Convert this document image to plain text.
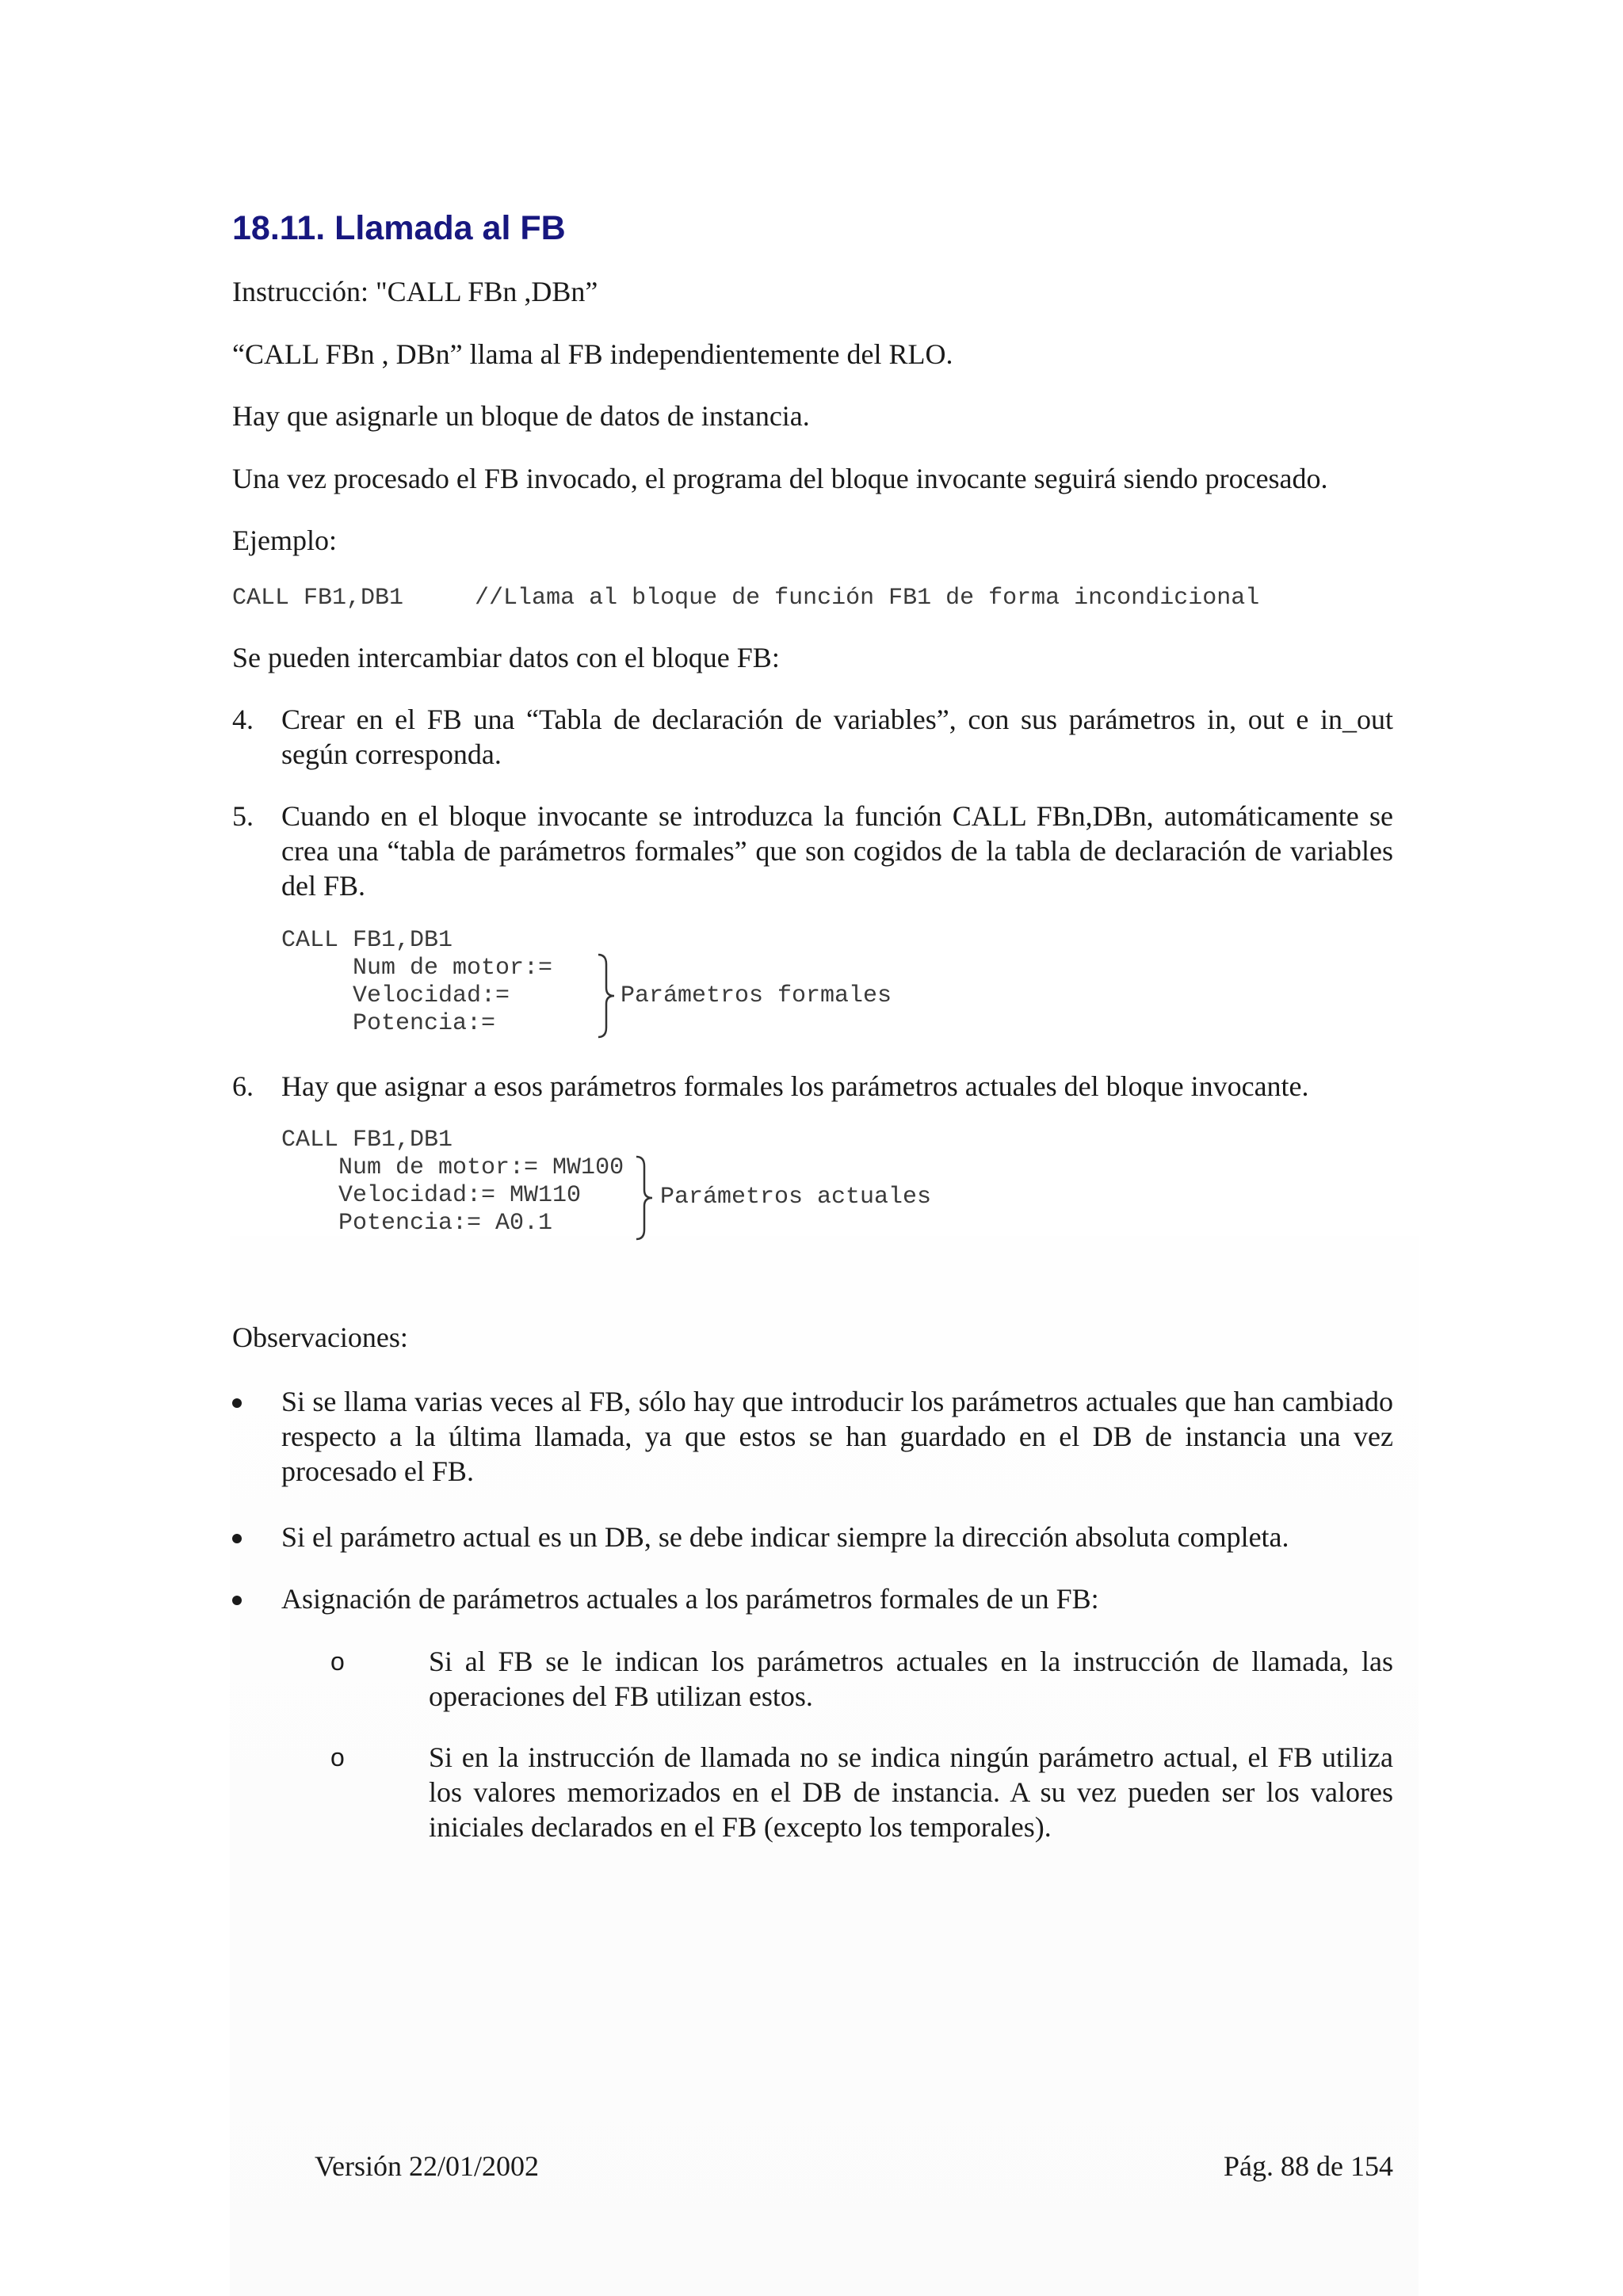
18.11. Llamada al FB

Instrucción: "CALL FBn ,DBn”

“CALL FBn , DBn” llama al FB independientemente del RLO.

Hay que asignarle un bloque de datos de instancia.

Una vez procesado el FB invocado, el programa del bloque invocante seguirá siendo procesado.

Ejemplo:

CALL FB1,DB1     //Llama al bloque de función FB1 de forma incondicional

Se pueden intercambiar datos con el bloque FB:

4. Crear en el FB una “Tabla de declaración de variables”, con sus parámetros in, out e in_out según corresponda.
5. Cuando en el bloque invocante se introduzca la función CALL FBn,DBn, automáticamente se crea una “tabla de parámetros formales” que son cogidos de la tabla de declaración de variables del FB.
CALL FB1,DB1
Num de motor:=
Velocidad:=
Potencia:=
Parámetros formales
6. Hay que asignar a esos parámetros formales los parámetros actuales del bloque invocante.
CALL FB1,DB1
Num de motor:= MW100
Velocidad:= MW110
Potencia:= A0.1
Parámetros actuales

Observaciones:

Si se llama varias veces al FB, sólo hay que introducir los parámetros actuales que han cambiado respecto a la última llamada, ya que estos se han guardado en el DB de instancia una vez procesado el FB.
Si el parámetro actual es un DB, se debe indicar siempre la dirección absoluta completa.
Asignación de parámetros actuales a los parámetros formales de un FB:
o	Si al FB se le indican los parámetros actuales en la instrucción de llamada, las operaciones del FB utilizan estos.
o	Si en la instrucción de llamada no se indica ningún parámetro actual, el FB utiliza los valores memorizados en el DB de instancia. A su vez pueden ser los valores iniciales declarados en el FB (excepto los temporales).
Versión 22/01/2002	Pág. 88 de 154
